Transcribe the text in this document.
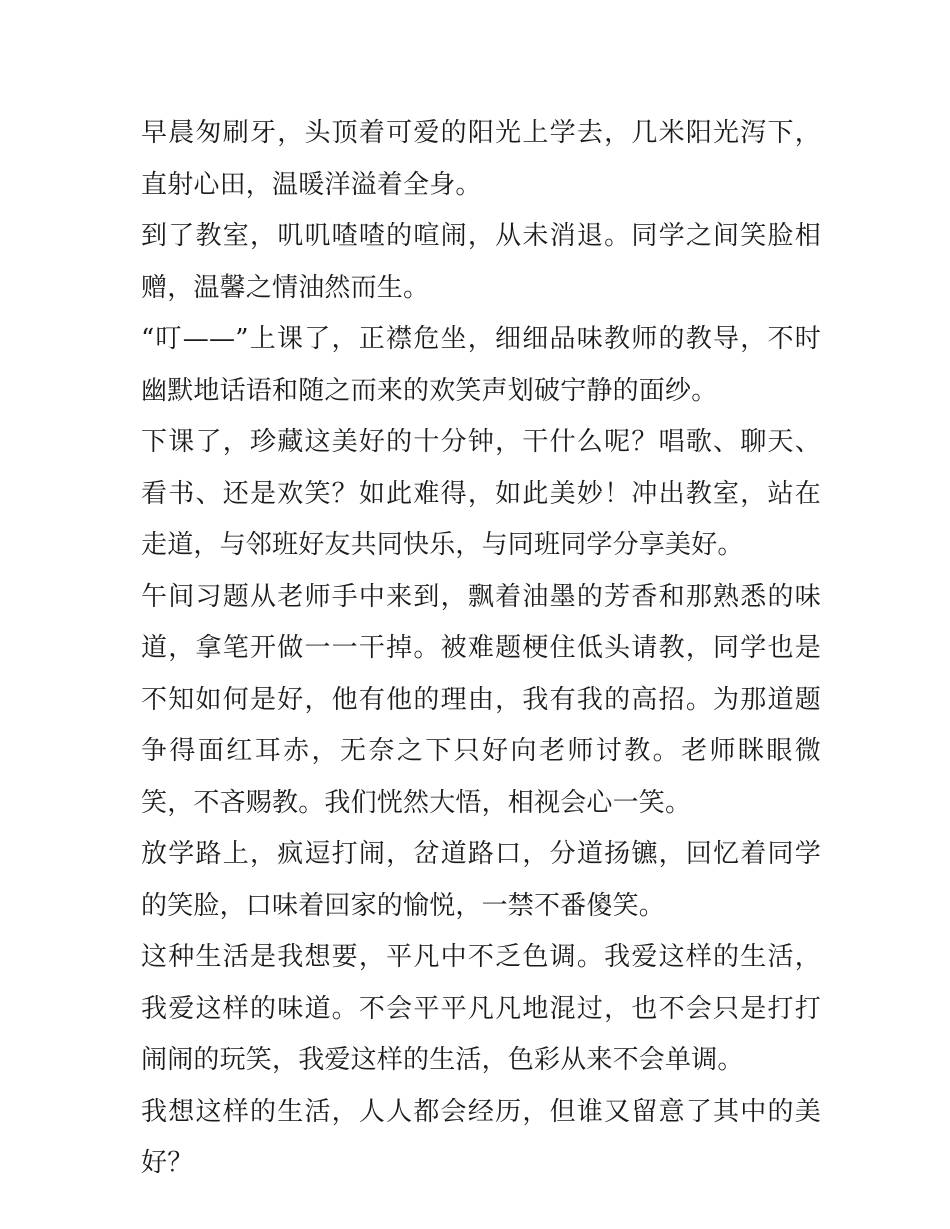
早晨匆刷牙，头顶着可爱的阳光上学去，几米阳光泻下，直射心田，温暖洋溢着全身。

到了教室，叽叽喳喳的喧闹，从未消退。同学之间笑脸相赠，温馨之情油然而生。

“叮——”上课了，正襟危坐，细细品味教师的教导，不时幽默地话语和随之而来的欢笑声划破宁静的面纱。

下课了，珍藏这美好的十分钟，干什么呢？唱歌、聊天、看书、还是欢笑？如此难得，如此美妙！冲出教室，站在走道，与邻班好友共同快乐，与同班同学分享美好。

午间习题从老师手中来到，飘着油墨的芳香和那熟悉的味道，拿笔开做一一干掉。被难题梗住低头请教，同学也是不知如何是好，他有他的理由，我有我的高招。为那道题争得面红耳赤，无奈之下只好向老师讨教。老师眯眼微笑，不吝赐教。我们恍然大悟，相视会心一笑。

放学路上，疯逗打闹，岔道路口，分道扬镳，回忆着同学的笑脸，口味着回家的愉悦，一禁不番傻笑。

这种生活是我想要，平凡中不乏色调。我爱这样的生活，我爱这样的味道。不会平平凡凡地混过，也不会只是打打闹闹的玩笑，我爱这样的生活，色彩从来不会单调。

我想这样的生活，人人都会经历，但谁又留意了其中的美好？
